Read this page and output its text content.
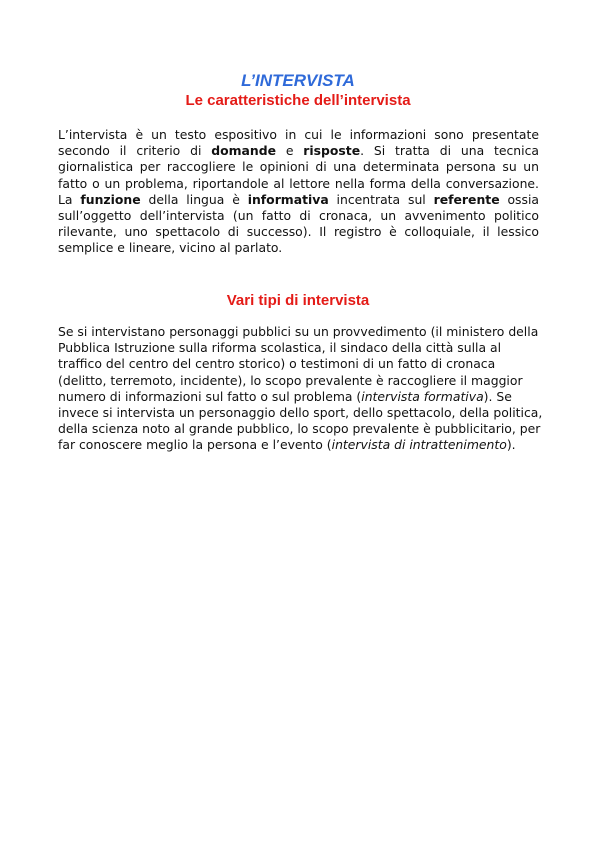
L’INTERVISTA
Le caratteristiche dell’intervista

L’intervista è un testo espositivo in cui le informazioni sono presentate secondo il criterio di domande e risposte. Si tratta di una tecnica giornalistica per raccogliere le opinioni di una determinata persona su un fatto o un problema, riportandole al lettore nella forma della conversazione. La funzione della lingua è informativa incentrata sul referente ossia sull’oggetto dell’intervista (un fatto di cronaca, un avvenimento politico rilevante, uno spettacolo di successo). Il registro è colloquiale, il lessico semplice e lineare, vicino al parlato.

Vari tipi di intervista

Se si intervistano personaggi pubblici su un provvedimento (il ministero della Pubblica Istruzione sulla riforma scolastica, il sindaco della città sulla al traffico del centro del centro storico) o testimoni di un fatto di cronaca (delitto, terremoto, incidente), lo scopo prevalente è raccogliere il maggior numero di informazioni sul fatto o sul problema (intervista formativa). Se invece si intervista un personaggio dello sport, dello spettacolo, della politica, della scienza noto al grande pubblico, lo scopo prevalente è pubblicitario, per far conoscere meglio la persona e l’evento (intervista di intrattenimento).
